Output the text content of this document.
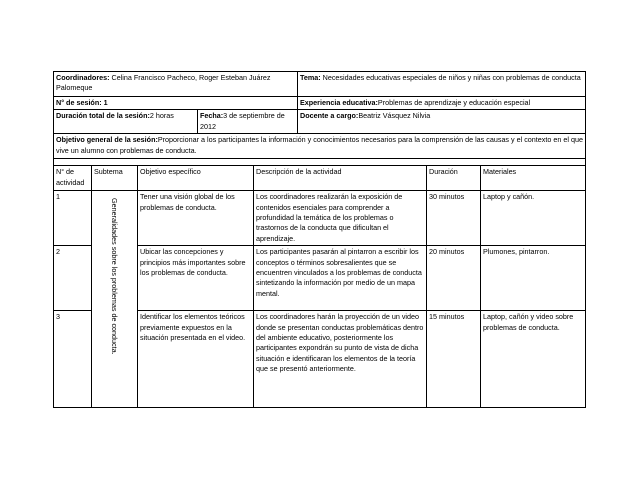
Coordinadores: Celina Francisco Pacheco, Roger Esteban Juárez Palomeque					Tema: Necesidades educativas especiales de niños y niñas con problemas de conducta		
N° de sesión: 1					Experiencia educativa:Problemas de aprendizaje y educación especial		
Duración total de la sesión:2 horas			Fecha:3 de septiembre de 2012		Docente a cargo:Beatriz Vásquez Nilvia		
Objetivo general de la sesión:Proporcionar a los participantes la información y conocimientos necesarios para la comprensión de las causas y el contexto en el que vive un alumno con problemas de conducta.							

N° de actividad	Subtema	Objetivo específico		Descripción de la actividad		Duración	Materiales
1	Generalidades sobre los problemas de conducta.	Tener una visión global de los problemas de conducta.		Los coordinadores realizarán la exposición de contenidos esenciales para comprender a profundidad la temática de los problemas o trastornos de la conducta que dificultan el aprendizaje.		30 minutos	Laptop y cañón.
2		Ubicar las concepciones y principios más importantes sobre los problemas de conducta.		Los participantes pasarán al pintarron a escribir los conceptos o términos sobresalientes que se encuentren vinculados a los problemas de conducta sintetizando la información por medio de un mapa mental.		20 minutos	Plumones, pintarron.
3		Identificar los elementos teóricos previamente expuestos en la situación presentada en el video.		Los coordinadores harán la proyección de un video donde se presentan conductas problemáticas dentro del ambiente educativo, posteriormente los participantes expondrán su punto de vista de dicha situación e identificaran los elementos de la teoría que se presentó anteriormente.		15 minutos	Laptop, cañón y video sobre problemas de conducta.
